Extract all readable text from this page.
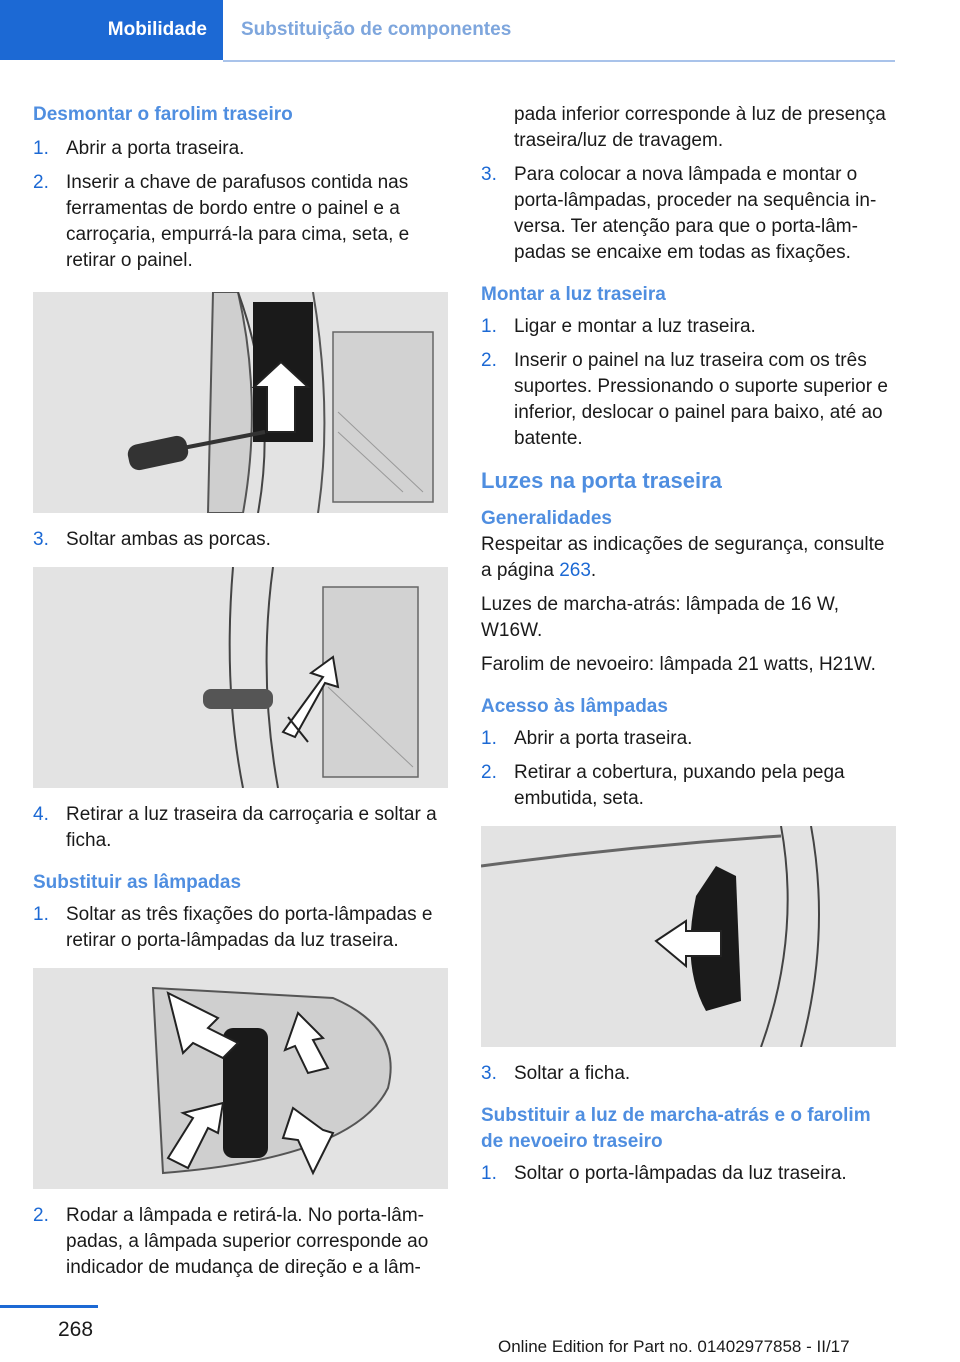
Mobilidade Substituição de componentes
Desmontar o farolim traseiro
1. Abrir a porta traseira.
2. Inserir a chave de parafusos contida nas ferramentas de bordo entre o painel e a carroçaria, empurrá-la para cima, seta, e retirar o painel.
3. Soltar ambas as porcas.
4. Retirar a luz traseira da carroçaria e soltar a ficha.
Substituir as lâmpadas
1. Soltar as três fixações do porta-lâmpadas e retirar o porta-lâmpadas da luz traseira.
2. Rodar a lâmpada e retirá-la. No porta-lâmpadas, a lâmpada superior corresponde ao indicador de mudança de direção e a lâm-

pada inferior corresponde à luz de presença traseira/luz de travagem.

3. Para colocar a nova lâmpada e montar o porta-lâmpadas, proceder na sequência inversa. Ter atenção para que o porta-lâmpadas se encaixe em todas as fixações.
Montar a luz traseira
1. Ligar e montar a luz traseira.
2. Inserir o painel na luz traseira com os três suportes. Pressionando o suporte superior e inferior, deslocar o painel para baixo, até ao batente.
Luzes na porta traseira
Generalidades

Respeitar as indicações de segurança, consulte a página 263.

Luzes de marcha-atrás: lâmpada de 16 W, W16W.

Farolim de nevoeiro: lâmpada 21 watts, H21W.

Acesso às lâmpadas
1. Abrir a porta traseira.
2. Retirar a cobertura, puxando pela pega embutida, seta.
3. Soltar a ficha.
Substituir a luz de marcha-atrás e o farolim de nevoeiro traseiro
1. Soltar o porta-lâmpadas da luz traseira.
268
Online Edition for Part no. 01402977858 - II/17
